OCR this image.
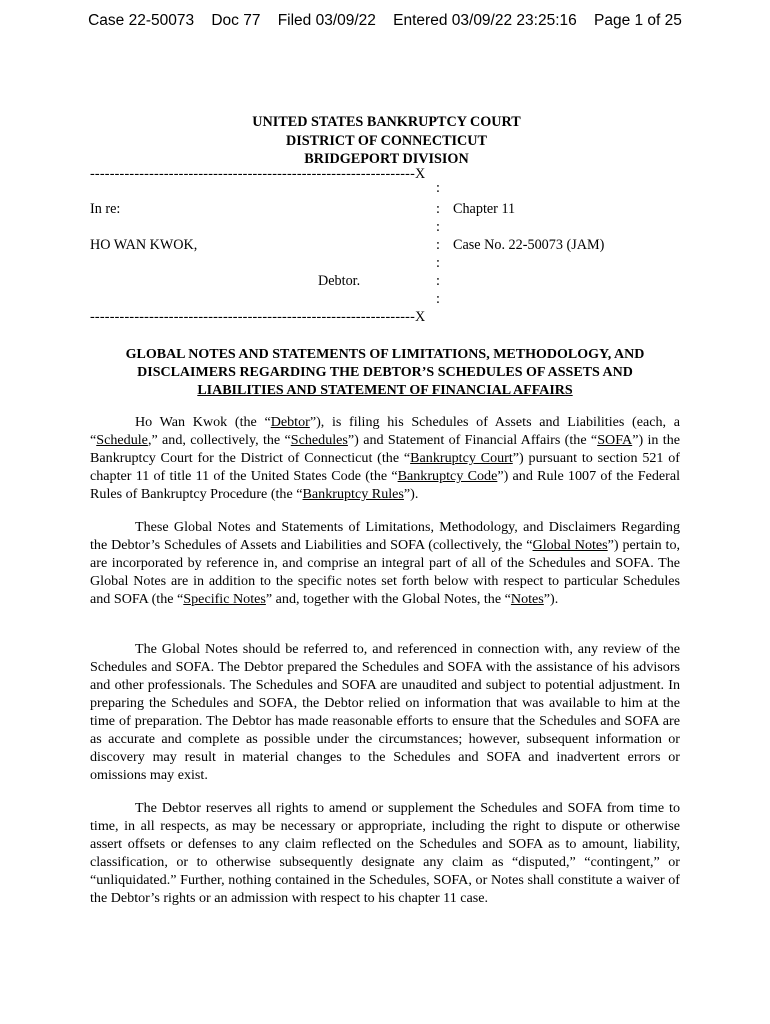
Case 22-50073 Doc 77 Filed 03/09/22 Entered 03/09/22 23:25:16 Page 1 of 25
UNITED STATES BANKRUPTCY COURT
DISTRICT OF CONNECTICUT
BRIDGEPORT DIVISION
------------------------------------------------------------------X
:
In re:	: Chapter 11
:
HO WAN KWOK,	: Case No. 22-50073 (JAM)
:
Debtor.	:
:
------------------------------------------------------------------X
GLOBAL NOTES AND STATEMENTS OF LIMITATIONS, METHODOLOGY, AND
DISCLAIMERS REGARDING THE DEBTOR’S SCHEDULES OF ASSETS AND
LIABILITIES AND STATEMENT OF FINANCIAL AFFAIRS

Ho Wan Kwok (the “Debtor”), is filing his Schedules of Assets and Liabilities (each, a “Schedule,” and, collectively, the “Schedules”) and Statement of Financial Affairs (the “SOFA”) in the Bankruptcy Court for the District of Connecticut (the “Bankruptcy Court”) pursuant to section 521 of chapter 11 of title 11 of the United States Code (the “Bankruptcy Code”) and Rule 1007 of the Federal Rules of Bankruptcy Procedure (the “Bankruptcy Rules”).

These Global Notes and Statements of Limitations, Methodology, and Disclaimers Regarding the Debtor’s Schedules of Assets and Liabilities and SOFA (collectively, the “Global Notes”) pertain to, are incorporated by reference in, and comprise an integral part of all of the Schedules and SOFA. The Global Notes are in addition to the specific notes set forth below with respect to particular Schedules and SOFA (the “Specific Notes” and, together with the Global Notes, the “Notes”).

The Global Notes should be referred to, and referenced in connection with, any review of the Schedules and SOFA. The Debtor prepared the Schedules and SOFA with the assistance of his advisors and other professionals. The Schedules and SOFA are unaudited and subject to potential adjustment. In preparing the Schedules and SOFA, the Debtor relied on information that was available to him at the time of preparation. The Debtor has made reasonable efforts to ensure that the Schedules and SOFA are as accurate and complete as possible under the circumstances; however, subsequent information or discovery may result in material changes to the Schedules and SOFA and inadvertent errors or omissions may exist.

The Debtor reserves all rights to amend or supplement the Schedules and SOFA from time to time, in all respects, as may be necessary or appropriate, including the right to dispute or otherwise assert offsets or defenses to any claim reflected on the Schedules and SOFA as to amount, liability, classification, or to otherwise subsequently designate any claim as “disputed,” “contingent,” or “unliquidated.” Further, nothing contained in the Schedules, SOFA, or Notes shall constitute a waiver of the Debtor’s rights or an admission with respect to his chapter 11 case.
